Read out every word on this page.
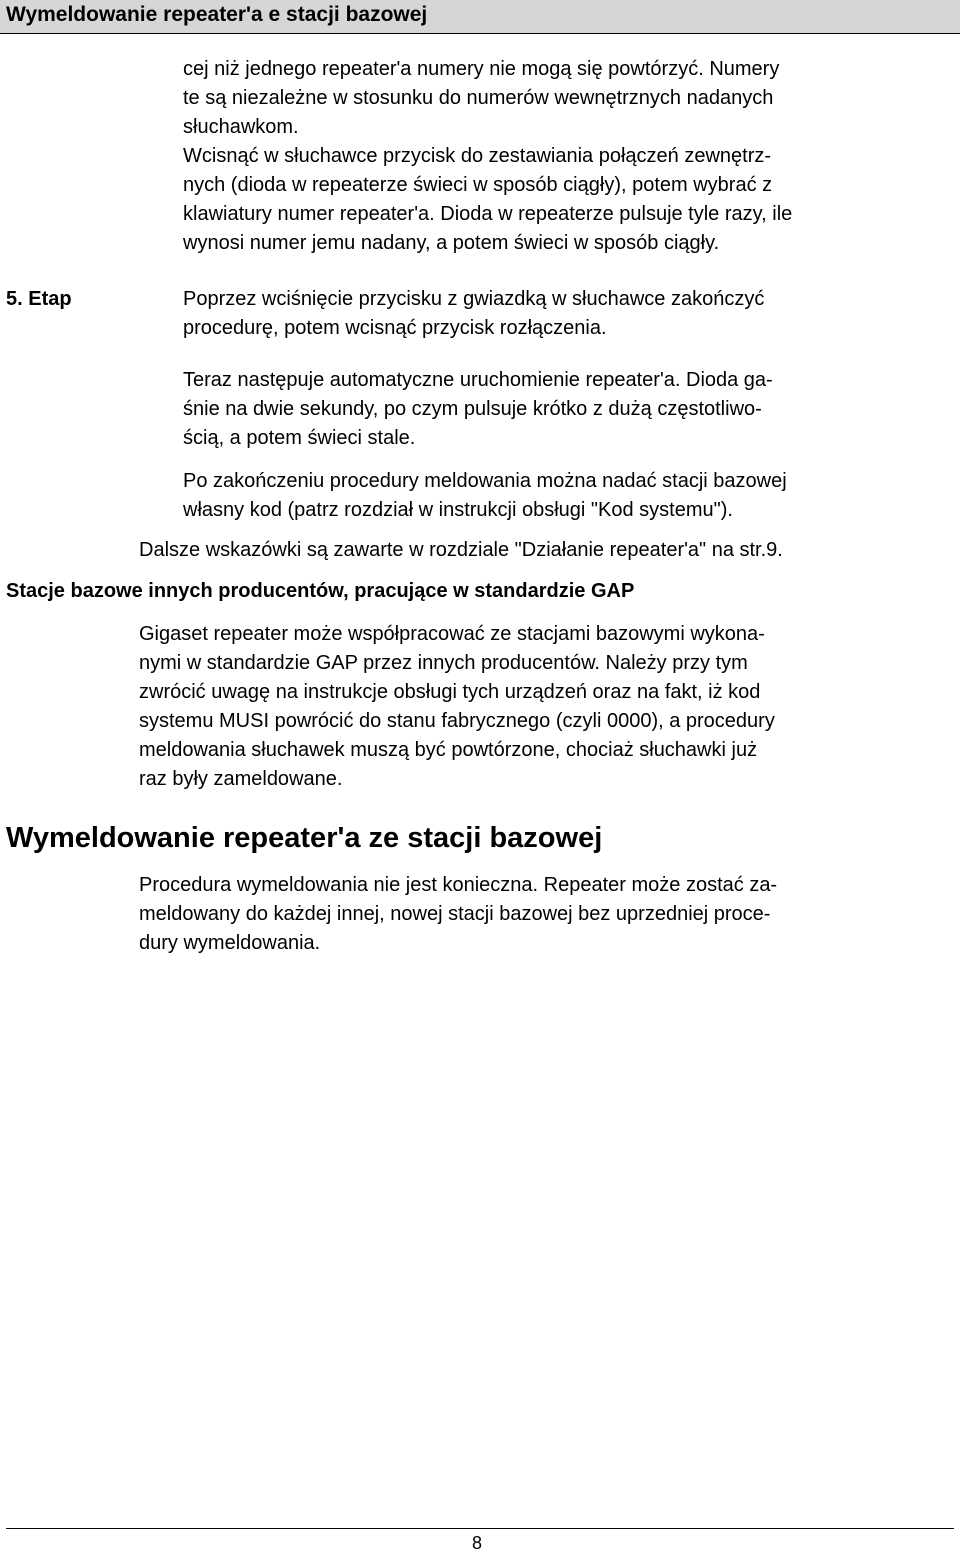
Wymeldowanie repeater'a e stacji bazowej
cej niż jednego repeater'a numery nie mogą się powtórzyć. Numery
te są niezależne w stosunku do numerów wewnętrznych nadanych
słuchawkom.
Wcisnąć w słuchawce przycisk do zestawiania połączeń zewnętrz-
nych (dioda w repeaterze świeci w sposób ciągły), potem wybrać z
klawiatury numer repeater'a. Dioda w repeaterze pulsuje tyle razy, ile
wynosi numer jemu nadany, a potem świeci w sposób ciągły.
5. Etap	Poprzez wciśnięcie przycisku z gwiazdką w słuchawce zakończyć
procedurę, potem wcisnąć przycisk rozłączenia.
Teraz następuje automatyczne uruchomienie repeater'a. Dioda ga-
śnie na dwie sekundy, po czym pulsuje krótko z dużą częstotliwo-
ścią, a potem świeci stale.
Po zakończeniu procedury meldowania można nadać stacji bazowej
własny kod (patrz rozdział w instrukcji obsługi "Kod systemu").
Dalsze wskazówki są zawarte w rozdziale "Działanie repeater'a" na str.9.
Stacje bazowe innych producentów, pracujące w standardzie GAP
Gigaset repeater może współpracować ze stacjami bazowymi wykona-
nymi w standardzie GAP przez innych producentów. Należy przy tym
zwrócić uwagę na instrukcje obsługi tych urządzeń oraz na fakt, iż kod
systemu MUSI powrócić do stanu fabrycznego (czyli 0000), a procedury
meldowania słuchawek muszą być powtórzone, chociaż słuchawki już
raz były zameldowane.
Wymeldowanie repeater'a ze stacji bazowej
Procedura wymeldowania nie jest konieczna. Repeater może zostać za-
meldowany do każdej innej, nowej stacji bazowej bez uprzedniej proce-
dury wymeldowania.
8
